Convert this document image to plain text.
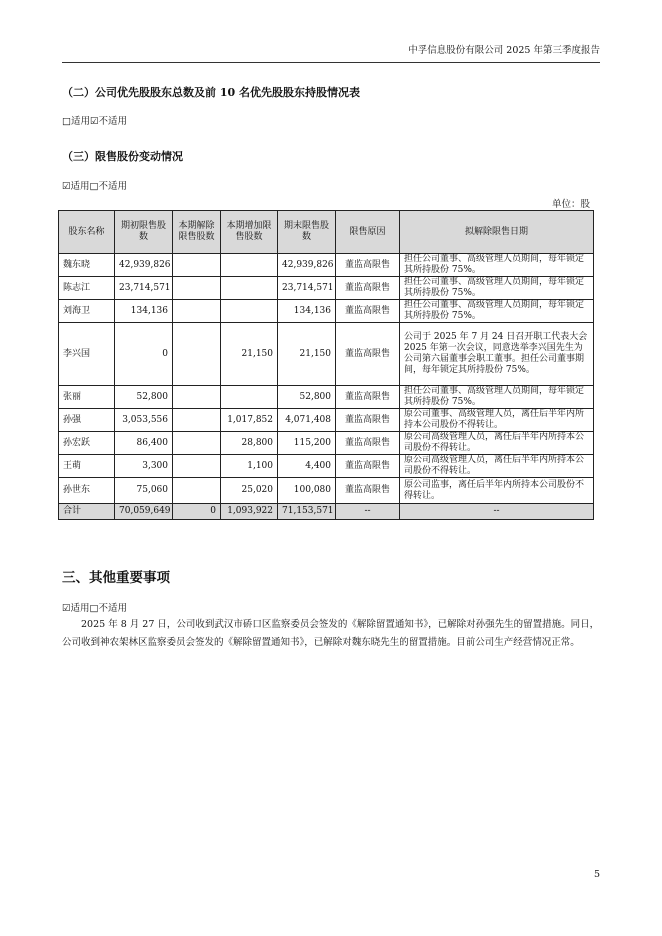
中孚信息股份有限公司 2025 年第三季度报告
（二）公司优先股股东总数及前 10 名优先股股东持股情况表
□适用☑不适用
（三）限售股份变动情况
☑适用□不适用
单位：股
股东名称	期初限售股数	本期解除限售股数	本期增加限售股数	期末限售股数	限售原因	拟解除限售日期
魏东晓	42,939,826			42,939,826	董监高限售	担任公司董事、高级管理人员期间，每年锁定其所持股份 75%。
陈志江	23,714,571			23,714,571	董监高限售	担任公司董事、高级管理人员期间，每年锁定其所持股份 75%。
刘海卫	134,136			134,136	董监高限售	担任公司董事、高级管理人员期间，每年锁定其所持股份 75%。
李兴国	0		21,150	21,150	董监高限售	公司于 2025 年 7 月 24 日召开职工代表大会 2025 年第一次会议，同意选举李兴国先生为公司第六届董事会职工董事。担任公司董事期间，每年锁定其所持股份 75%。
张丽	52,800			52,800	董监高限售	担任公司董事、高级管理人员期间，每年锁定其所持股份 75%。
孙强	3,053,556		1,017,852	4,071,408	董监高限售	原公司董事、高级管理人员，离任后半年内所持本公司股份不得转让。
孙宏跃	86,400		28,800	115,200	董监高限售	原公司高级管理人员，离任后半年内所持本公司股份不得转让。
王萌	3,300		1,100	4,400	董监高限售	原公司高级管理人员，离任后半年内所持本公司股份不得转让。
孙世东	75,060		25,020	100,080	董监高限售	原公司监事，离任后半年内所持本公司股份不得转让。
合计	70,059,649	0	1,093,922	71,153,571	--	--
三、其他重要事项
☑适用□不适用
2025 年 8 月 27 日，公司收到武汉市硚口区监察委员会签发的《解除留置通知书》，已解除对孙强先生的留置措施。同日，公司收到神农架林区监察委员会签发的《解除留置通知书》，已解除对魏东晓先生的留置措施。目前公司生产经营情况正常。
5
